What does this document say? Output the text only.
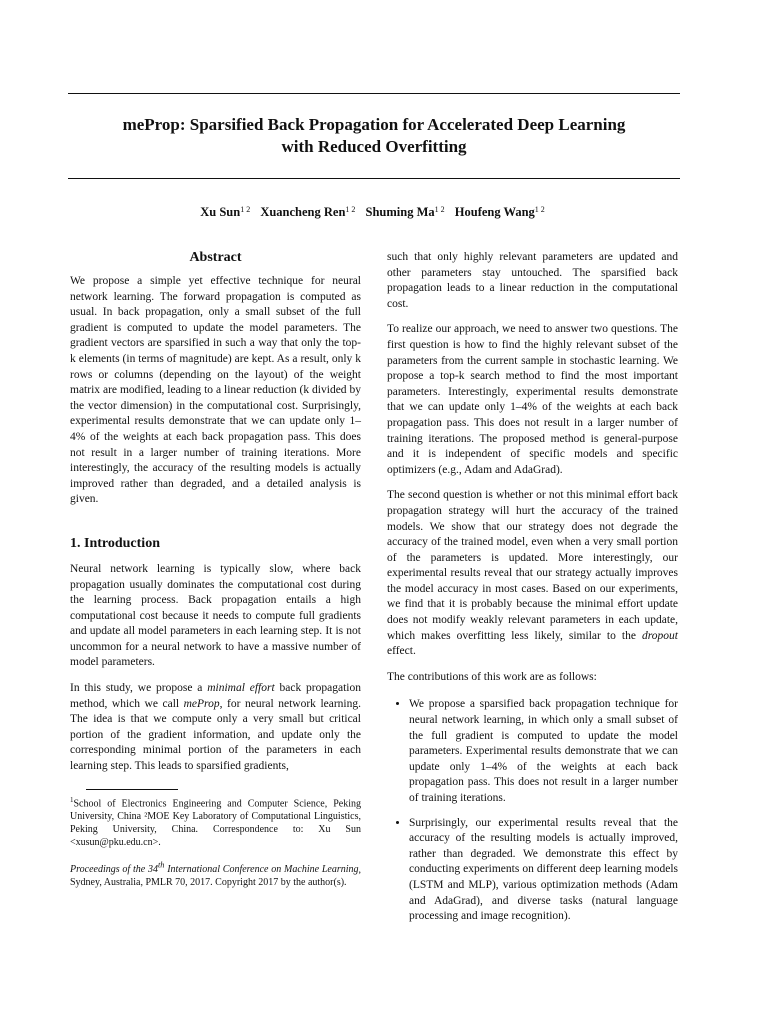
meProp: Sparsified Back Propagation for Accelerated Deep Learning
with Reduced Overfitting
Xu Sun$^{1 2}$ Xuancheng Ren$^{1 2}$ Shuming $Ma^{1 2}$ Houfeng Wang$^{1 2}$
Abstract

We propose a simple yet effective technique for neural network learning. The forward propagation is computed as usual. In back propagation, only a small subset of the full gradient is computed to update the model parameters. The gradient vectors are sparsified in such a way that only the top-k elements (in terms of magnitude) are kept. As a result, only k rows or columns (depending on the layout) of the weight matrix are modified, leading to a linear reduction (k divided by the vector dimension) in the computational cost. Surprisingly, experimental results demonstrate that we can update only 1–4% of the weights at each back propagation pass. This does not result in a larger number of training iterations. More interestingly, the accuracy of the resulting models is actually improved rather than degraded, and a detailed analysis is given.

1. Introduction

Neural network learning is typically slow, where back propagation usually dominates the computational cost during the learning process. Back propagation entails a high computational cost because it needs to compute full gradients and update all model parameters in each learning step. It is not uncommon for a neural network to have a massive number of model parameters.

In this study, we propose a minimal effort back propagation method, which we call meProp, for neural network learning. The idea is that we compute only a very small but critical portion of the gradient information, and update only the corresponding minimal portion of the parameters in each learning step. This leads to sparsified gradients,

$^1$School of Electronics Engineering and Computer Science, Peking University, China ²MOE Key Laboratory of Computational Linguistics, Peking University, China. Correspondence to: Xu Sun <xusun@pku.edu.cn>.

Proceedings of the 34th International Conference on Machine Learning, Sydney, Australia, PMLR 70, 2017. Copyright 2017 by the author(s).

such that only highly relevant parameters are updated and other parameters stay untouched. The sparsified back propagation leads to a linear reduction in the computational cost.

To realize our approach, we need to answer two questions. The first question is how to find the highly relevant subset of the parameters from the current sample in stochastic learning. We propose a top-k search method to find the most important parameters. Interestingly, experimental results demonstrate that we can update only 1–4% of the weights at each back propagation pass. This does not result in a larger number of training iterations. The proposed method is general-purpose and it is independent of specific models and specific optimizers (e.g., Adam and AdaGrad).

The second question is whether or not this minimal effort back propagation strategy will hurt the accuracy of the trained models. We show that our strategy does not degrade the accuracy of the trained model, even when a very small portion of the parameters is updated. More interestingly, our experimental results reveal that our strategy actually improves the model accuracy in most cases. Based on our experiments, we find that it is probably because the minimal effort update does not modify weakly relevant parameters in each update, which makes overfitting less likely, similar to the dropout effect.

The contributions of this work are as follows:

• We propose a sparsified back propagation technique for neural network learning, in which only a small subset of the full gradient is computed to update the model parameters. Experimental results demonstrate that we can update only 1–4% of the weights at each back propagation pass. This does not result in a larger number of training iterations.
• Surprisingly, our experimental results reveal that the accuracy of the resulting models is actually improved, rather than degraded. We demonstrate this effect by conducting experiments on different deep learning models (LSTM and MLP), various optimization methods (Adam and AdaGrad), and diverse tasks (natural language processing and image recognition).
